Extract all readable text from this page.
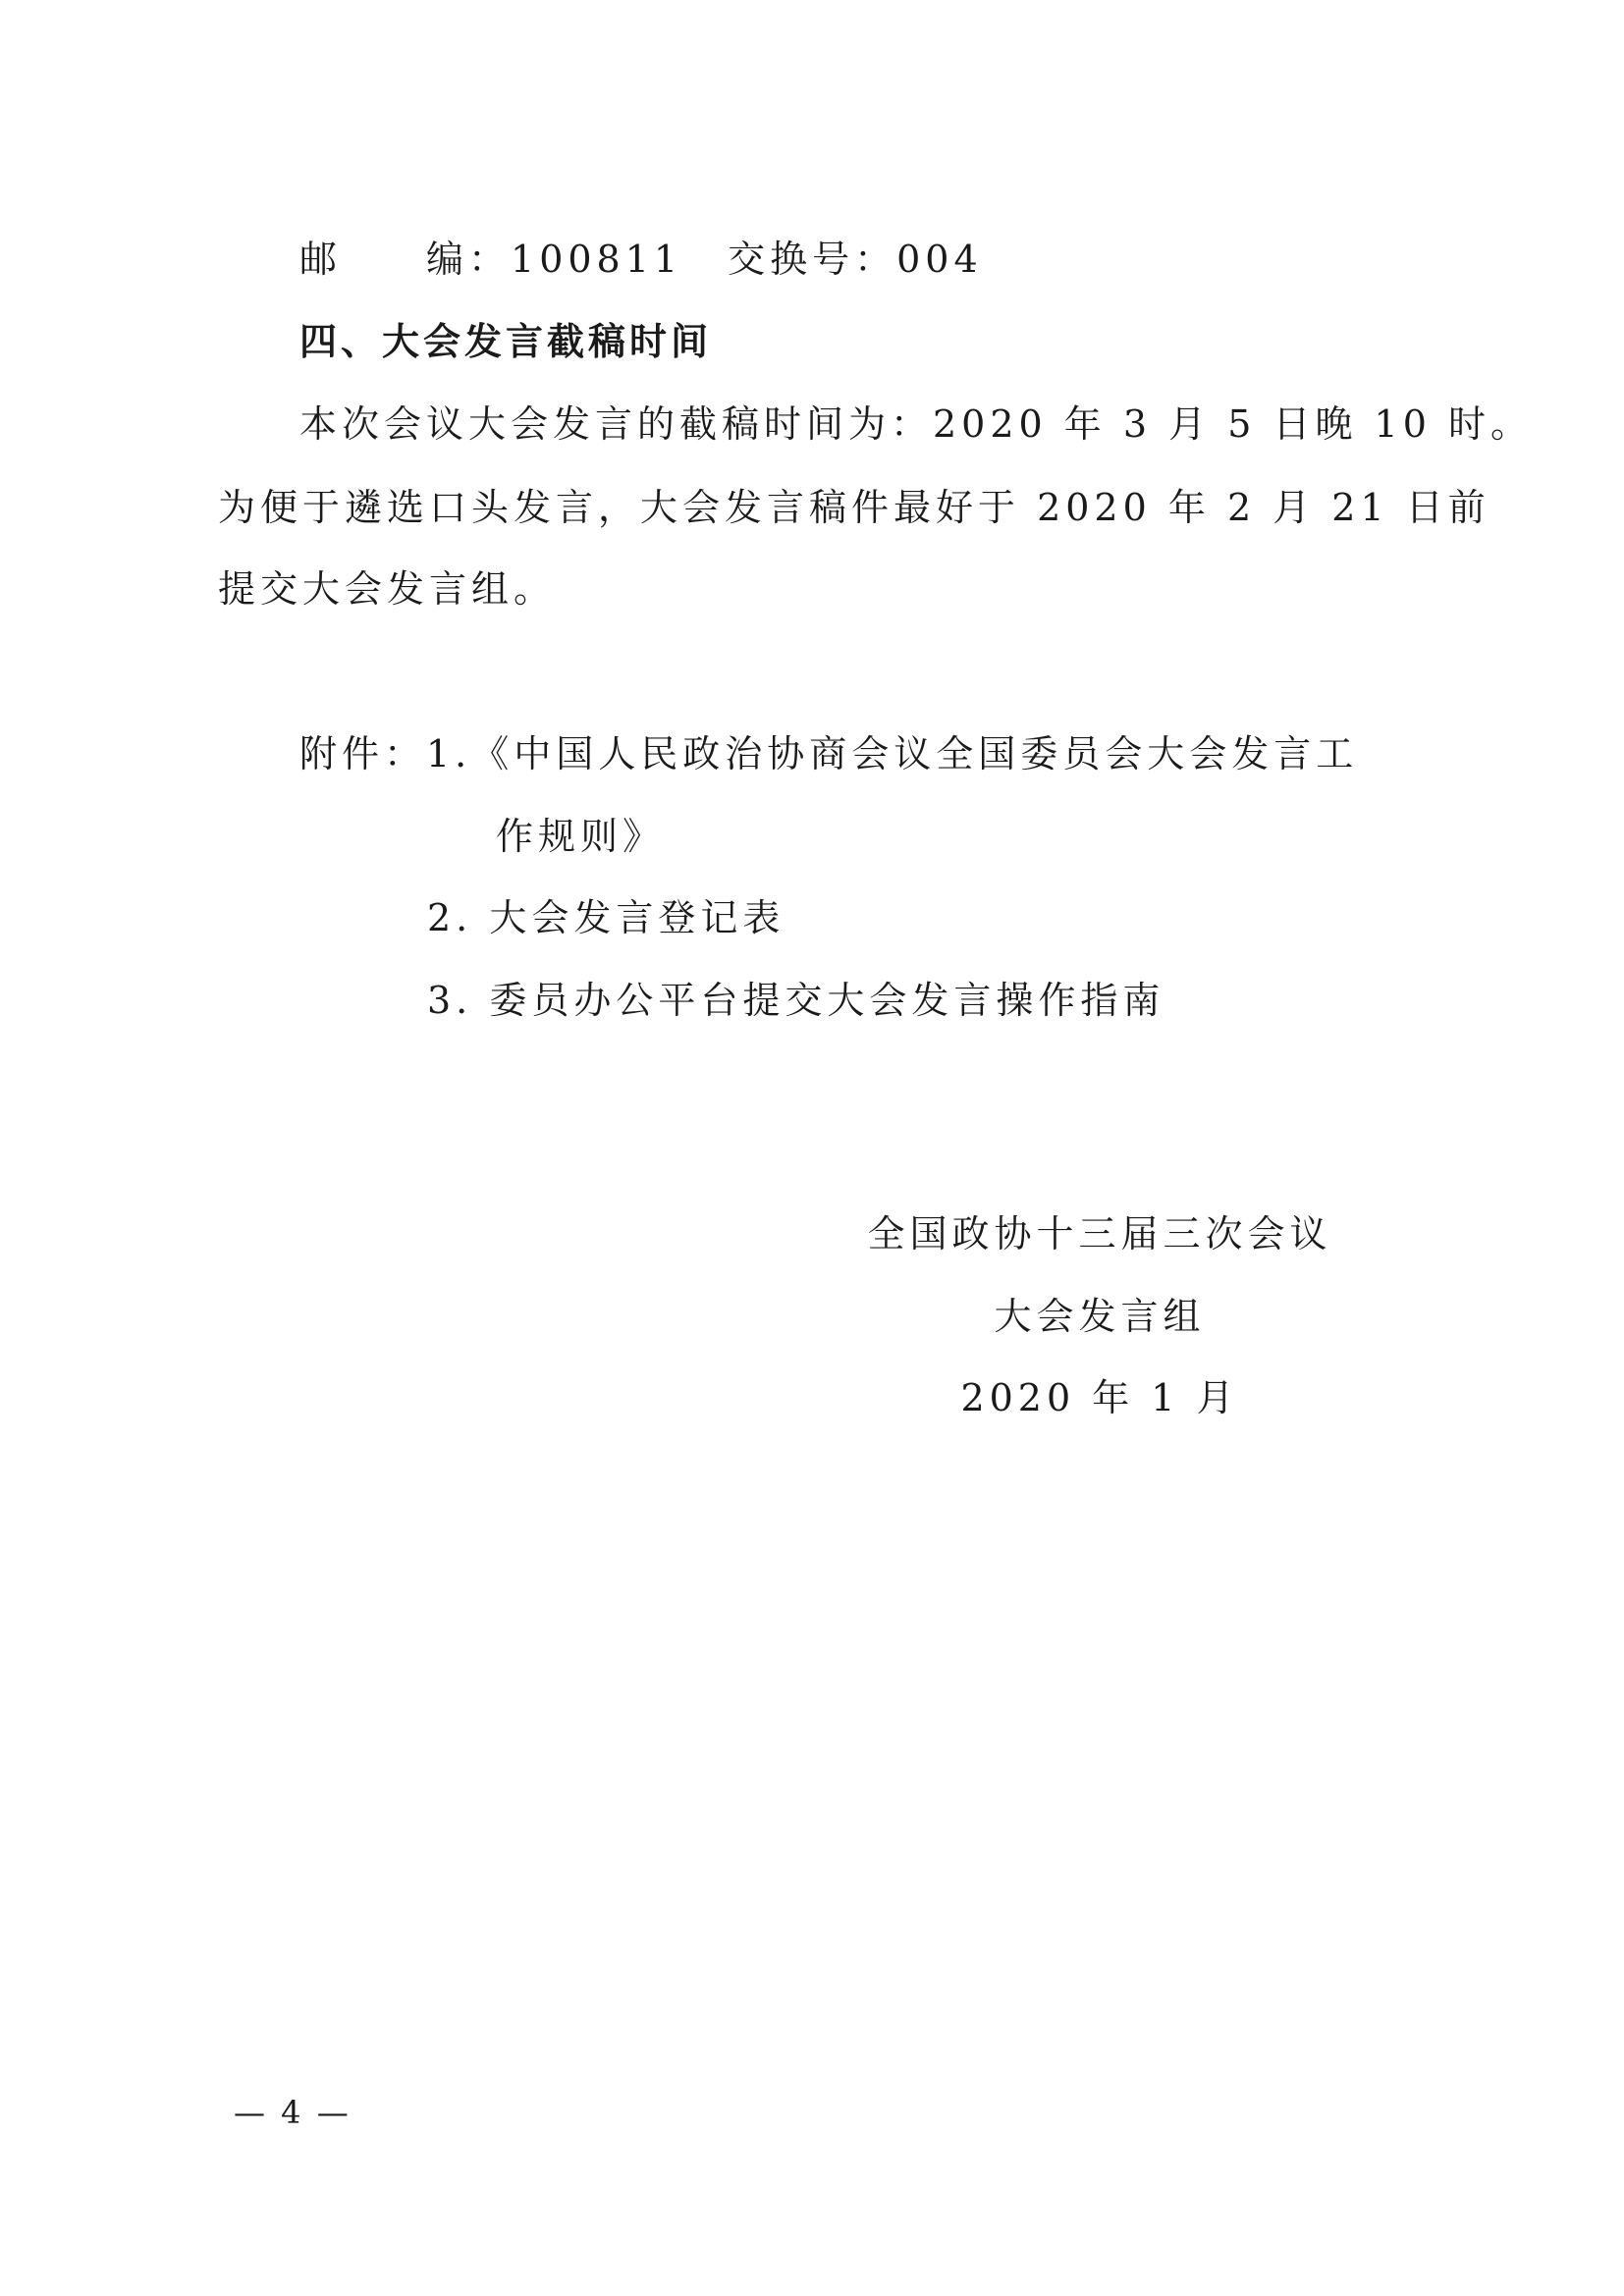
邮　　编：100811 交换号：004
四、大会发言截稿时间
本次会议大会发言的截稿时间为：2020 年 3 月 5 日晚 10 时。
为便于遴选口头发言，大会发言稿件最好于 2020 年 2 月 21 日前
提交大会发言组。
附件：1.《中国人民政治协商会议全国委员会大会发言工
作规则》
2. 大会发言登记表
3. 委员办公平台提交大会发言操作指南
全国政协十三届三次会议
大会发言组
2020 年 1 月
— 4 —
